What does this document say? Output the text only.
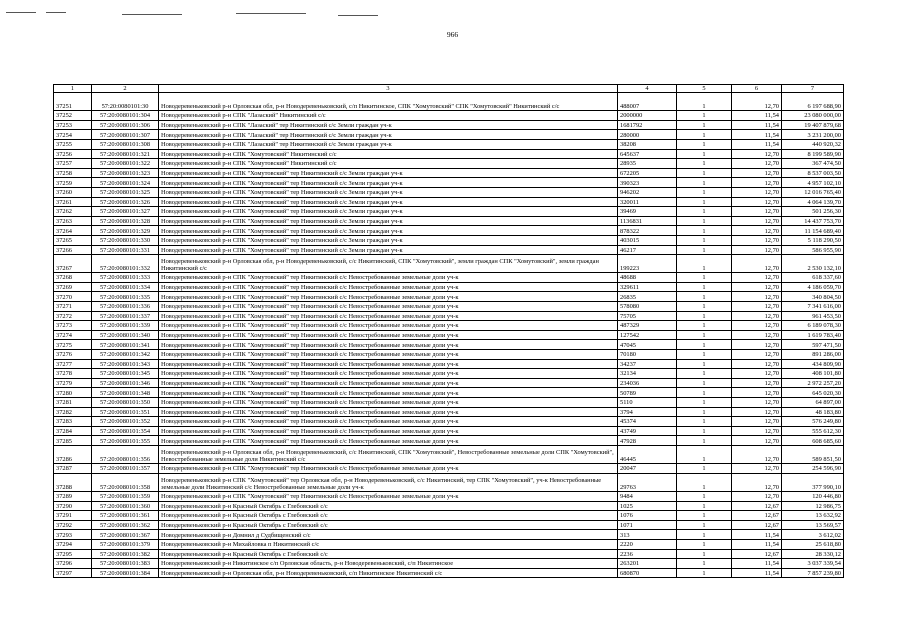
966
1	2	3	4	5	6	7
37251	57:20:0080101:30	Новодеревеньковский р-н Орловская обл, р-н Новодеревеньковский, с/п Никитинское, СПК "Хомутовский" СПК "Хомутовский" Никитинский с/с	488007	1	12,70	6 197 688,90
37252	57:20:0080101:304	Новодеревеньковский р-н СПК "Лазаский" Никитинский с/с	2000000	1	11,54	23 080 000,00
37253	57:20:0080101:306	Новодеревеньковский р-н СПК "Лазаский" тер Никитинский с/с Земли граждан уч-к	1681792	1	11,54	19 407 879,68
37254	57:20:0080101:307	Новодеревеньковский р-н СПК "Лазаский" тер Никитинский с/с Земли граждан уч-к	280000	1	11,54	3 231 200,00
37255	57:20:0080101:308	Новодеревеньковский р-н СПК "Лазаский" тер Никитинский с/с Земли граждан уч-к	38208	1	11,54	440 920,32
37256	57:20:0080101:321	Новодеревеньковский р-н СПК "Хомутовский" Никитинский с/с	645637	1	12,70	8 199 589,90
37257	57:20:0080101:322	Новодеревеньковский р-н СПК "Хомутовский" Никитинский с/с	28935	1	12,70	367 474,50
37258	57:20:0080101:323	Новодеревеньковский р-н СПК "Хомутовский" тер Никитинский с/с Земли граждан уч-к	672205	1	12,70	8 537 003,50
37259	57:20:0080101:324	Новодеревеньковский р-н СПК "Хомутовский" тер Никитинский с/с Земли граждан уч-к	390323	1	12,70	4 957 102,10
37260	57:20:0080101:325	Новодеревеньковский р-н СПК "Хомутовский" тер Никитинский с/с Земли граждан уч-к	946202	1	12,70	12 016 765,40
37261	57:20:0080101:326	Новодеревеньковский р-н СПК "Хомутовский" тер Никитинский с/с Земли граждан уч-к	320011	1	12,70	4 064 139,70
37262	57:20:0080101:327	Новодеревеньковский р-н СПК "Хомутовский" тер Никитинский с/с Земли граждан уч-к	39469	1	12,70	501 256,30
37263	57:20:0080101:328	Новодеревеньковский р-н СПК "Хомутовский" тер Никитинский с/с Земли граждан уч-к	1136831	1	12,70	14 437 753,70
37264	57:20:0080101:329	Новодеревеньковский р-н СПК "Хомутовский" тер Никитинский с/с Земли граждан уч-к	878322	1	12,70	11 154 689,40
37265	57:20:0080101:330	Новодеревеньковский р-н СПК "Хомутовский" тер Никитинский с/с Земли граждан уч-к	403015	1	12,70	5 118 290,50
37266	57:20:0080101:331	Новодеревеньковский р-н СПК "Хомутовский" тер Никитинский с/с Земли граждан уч-к	46217	1	12,70	586 955,90
37267	57:20:0080101:332	Новодеревеньковский р-н Орловская обл, р-н Новодеревеньковский, с/с Никитинский, СПК "Хомутовский", земли граждан СПК "Хомутовский", земли граждан Никитинский с/с	199223	1	12,70	2 530 132,10
37268	57:20:0080101:333	Новодеревеньковский р-н СПК "Хомутовский" тер Никитинский с/с Невостребованные земельные доли уч-к	48688	1	12,70	618 337,60
37269	57:20:0080101:334	Новодеревеньковский р-н СПК "Хомутовский" тер Никитинский с/с Невостребованные земельные доли уч-к	329611	1	12,70	4 186 059,70
37270	57:20:0080101:335	Новодеревеньковский р-н СПК "Хомутовский" тер Никитинский с/с Невостребованные земельные доли уч-к	26835	1	12,70	340 804,50
37271	57:20:0080101:336	Новодеревеньковский р-н СПК "Хомутовский" тер Никитинский с/с Невостребованные земельные доли уч-к	578080	1	12,70	7 341 616,00
37272	57:20:0080101:337	Новодеревеньковский р-н СПК "Хомутовский" тер Никитинский с/с Невостребованные земельные доли уч-к	75705	1	12,70	961 453,50
37273	57:20:0080101:339	Новодеревеньковский р-н СПК "Хомутовский" тер Никитинский с/с Невостребованные земельные доли уч-к	487329	1	12,70	6 189 078,30
37274	57:20:0080101:340	Новодеревеньковский р-н СПК "Хомутовский" тер Никитинский с/с Невостребованные земельные доли уч-к	127542	1	12,70	1 619 783,40
37275	57:20:0080101:341	Новодеревеньковский р-н СПК "Хомутовский" тер Никитинский с/с Невостребованные земельные доли уч-к	47045	1	12,70	597 471,50
37276	57:20:0080101:342	Новодеревеньковский р-н СПК "Хомутовский" тер Никитинский с/с Невостребованные земельные доли уч-к	70180	1	12,70	891 286,00
37277	57:20:0080101:343	Новодеревеньковский р-н СПК "Хомутовский" тер Никитинский с/с Невостребованные земельные доли уч-к	34237	1	12,70	434 809,90
37278	57:20:0080101:345	Новодеревеньковский р-н СПК "Хомутовский" тер Никитинский с/с Невостребованные земельные доли уч-к	32134	1	12,70	408 101,80
37279	57:20:0080101:346	Новодеревеньковский р-н СПК "Хомутовский" тер Никитинский с/с Невостребованные земельные доли уч-к	234036	1	12,70	2 972 257,20
37280	57:20:0080101:348	Новодеревеньковский р-н СПК "Хомутовский" тер Никитинский с/с Невостребованные земельные доли уч-к	50789	1	12,70	645 020,30
37281	57:20:0080101:350	Новодеревеньковский р-н СПК "Хомутовский" тер Никитинский с/с Невостребованные земельные доли уч-к	5110	1	12,70	64 897,00
37282	57:20:0080101:351	Новодеревеньковский р-н СПК "Хомутовский" тер Никитинский с/с Невостребованные земельные доли уч-к	3794	1	12,70	48 183,80
37283	57:20:0080101:352	Новодеревеньковский р-н СПК "Хомутовский" тер Никитинский с/с Невостребованные земельные доли уч-к	45374	1	12,70	576 249,80
37284	57:20:0080101:354	Новодеревеньковский р-н СПК "Хомутовский" тер Никитинский с/с Невостребованные земельные доли уч-к	43749	1	12,70	555 612,30
37285	57:20:0080101:355	Новодеревеньковский р-н СПК "Хомутовский" тер Никитинский с/с Невостребованные земельные доли уч-к	47928	1	12,70	608 685,60
37286	57:20:0080101:356	Новодеревеньковский р-н Орловская обл, р-н Новодеревеньковский, с/с Никитинский, СПК "Хомутовский", Невостребованные земельные доли СПК "Хомутовский", Невостребованные земельные доли Никитинский с/с	46445	1	12,70	589 851,50
37287	57:20:0080101:357	Новодеревеньковский р-н СПК "Хомутовский" тер Никитинский с/с Невостребованные земельные доли уч-к	20047	1	12,70	254 596,90
37288	57:20:0080101:358	Новодеревеньковский р-н СПК "Хомутовский" тер Орловская обл, р-н Новодеревеньковский, с/с Никитинский, тер СПК "Хомутовский", уч-к Невостребованные земельные доли Никитинский с/с Невостребованные земельные доли уч-к	29763	1	12,70	377 990,10
37289	57:20:0080101:359	Новодеревеньковский р-н СПК "Хомутовский" тер Никитинский с/с Невостребованные земельные доли уч-к	9484	1	12,70	120 446,80
37290	57:20:0080101:360	Новодеревеньковский р-н Красный Октябрь с Глебовский с/с	1025	1	12,67	12 986,75
37291	57:20:0080101:361	Новодеревеньковский р-н Красный Октябрь с Глебовский с/с	1076	1	12,67	13 632,92
37292	57:20:0080101:362	Новодеревеньковский р-н Красный Октябрь с Глебовский с/с	1071	1	12,67	13 569,57
37293	57:20:0080101:367	Новодеревеньковский р-н Домнил д Судбищенский с/с	313	1	11,54	3 612,02
37294	57:20:0080101:379	Новодеревеньковский р-н Михайловка п Никитинский с/с	2220	1	11,54	25 618,80
37295	57:20:0080101:382	Новодеревеньковский р-н Красный Октябрь с Глебовский с/с	2236	1	12,67	28 330,12
37296	57:20:0080101:383	Новодеревеньковский р-н Никитинское с/п Орловская область, р-н Новодеревеньковский, с/п Никитинское	263201	1	11,54	3 037 339,54
37297	57:20:0080101:384	Новодеревеньковский р-н Орловская обл, р-н Новодеревеньковский, с/п Никитинское Никитинский с/с	680870	1	11,54	7 857 239,80
